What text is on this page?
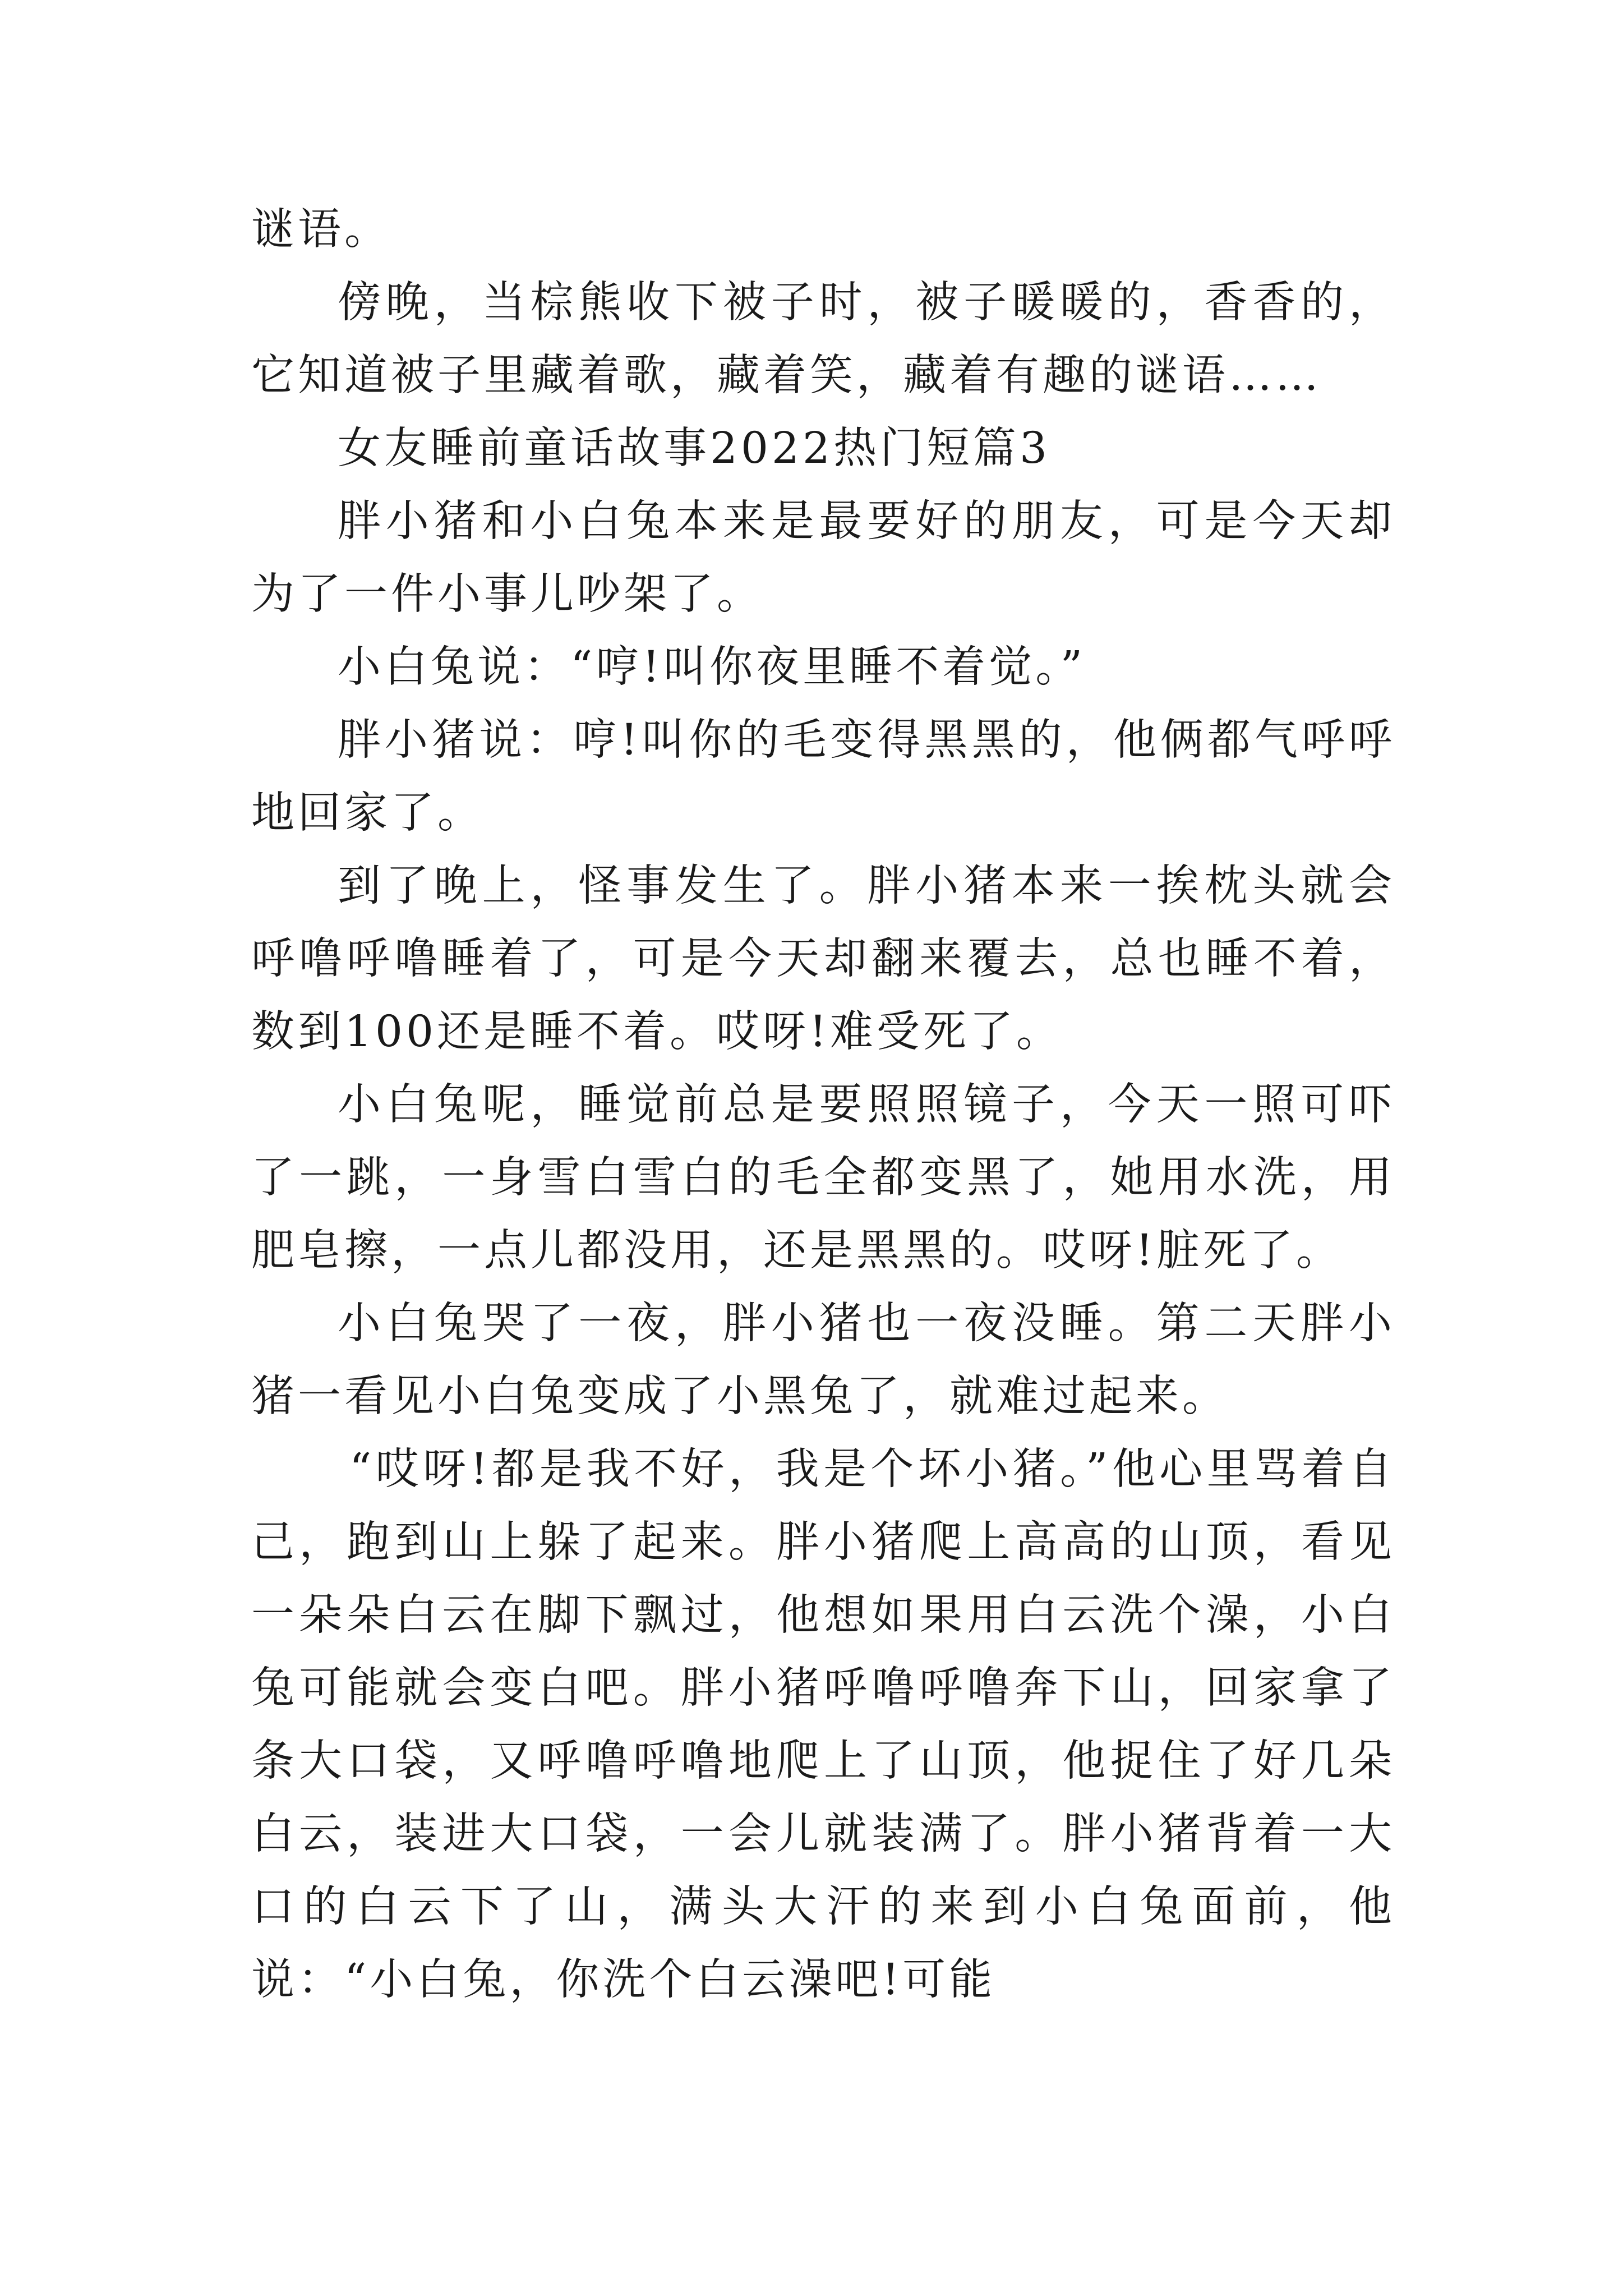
谜语。

傍晚，当棕熊收下被子时，被子暖暖的，香香的，它知道被子里藏着歌，藏着笑，藏着有趣的谜语……

女友睡前童话故事2022热门短篇3

胖小猪和小白兔本来是最要好的朋友，可是今天却为了一件小事儿吵架了。

小白兔说：“哼!叫你夜里睡不着觉。”

胖小猪说：哼!叫你的毛变得黑黑的，他俩都气呼呼地回家了。

到了晚上，怪事发生了。胖小猪本来一挨枕头就会呼噜呼噜睡着了，可是今天却翻来覆去，总也睡不着，数到100还是睡不着。哎呀!难受死了。

小白兔呢，睡觉前总是要照照镜子，今天一照可吓了一跳，一身雪白雪白的毛全都变黑了，她用水洗，用肥皂擦，一点儿都没用，还是黑黑的。哎呀!脏死了。

小白兔哭了一夜，胖小猪也一夜没睡。第二天胖小猪一看见小白兔变成了小黑兔了，就难过起来。

“哎呀!都是我不好，我是个坏小猪。”他心里骂着自己，跑到山上躲了起来。胖小猪爬上高高的山顶，看见一朵朵白云在脚下飘过，他想如果用白云洗个澡，小白兔可能就会变白吧。胖小猪呼噜呼噜奔下山，回家拿了条大口袋，又呼噜呼噜地爬上了山顶，他捉住了好几朵白云，装进大口袋，一会儿就装满了。胖小猪背着一大口的白云下了山，满头大汗的来到小白兔面前，他说：“小白兔，你洗个白云澡吧!可能
